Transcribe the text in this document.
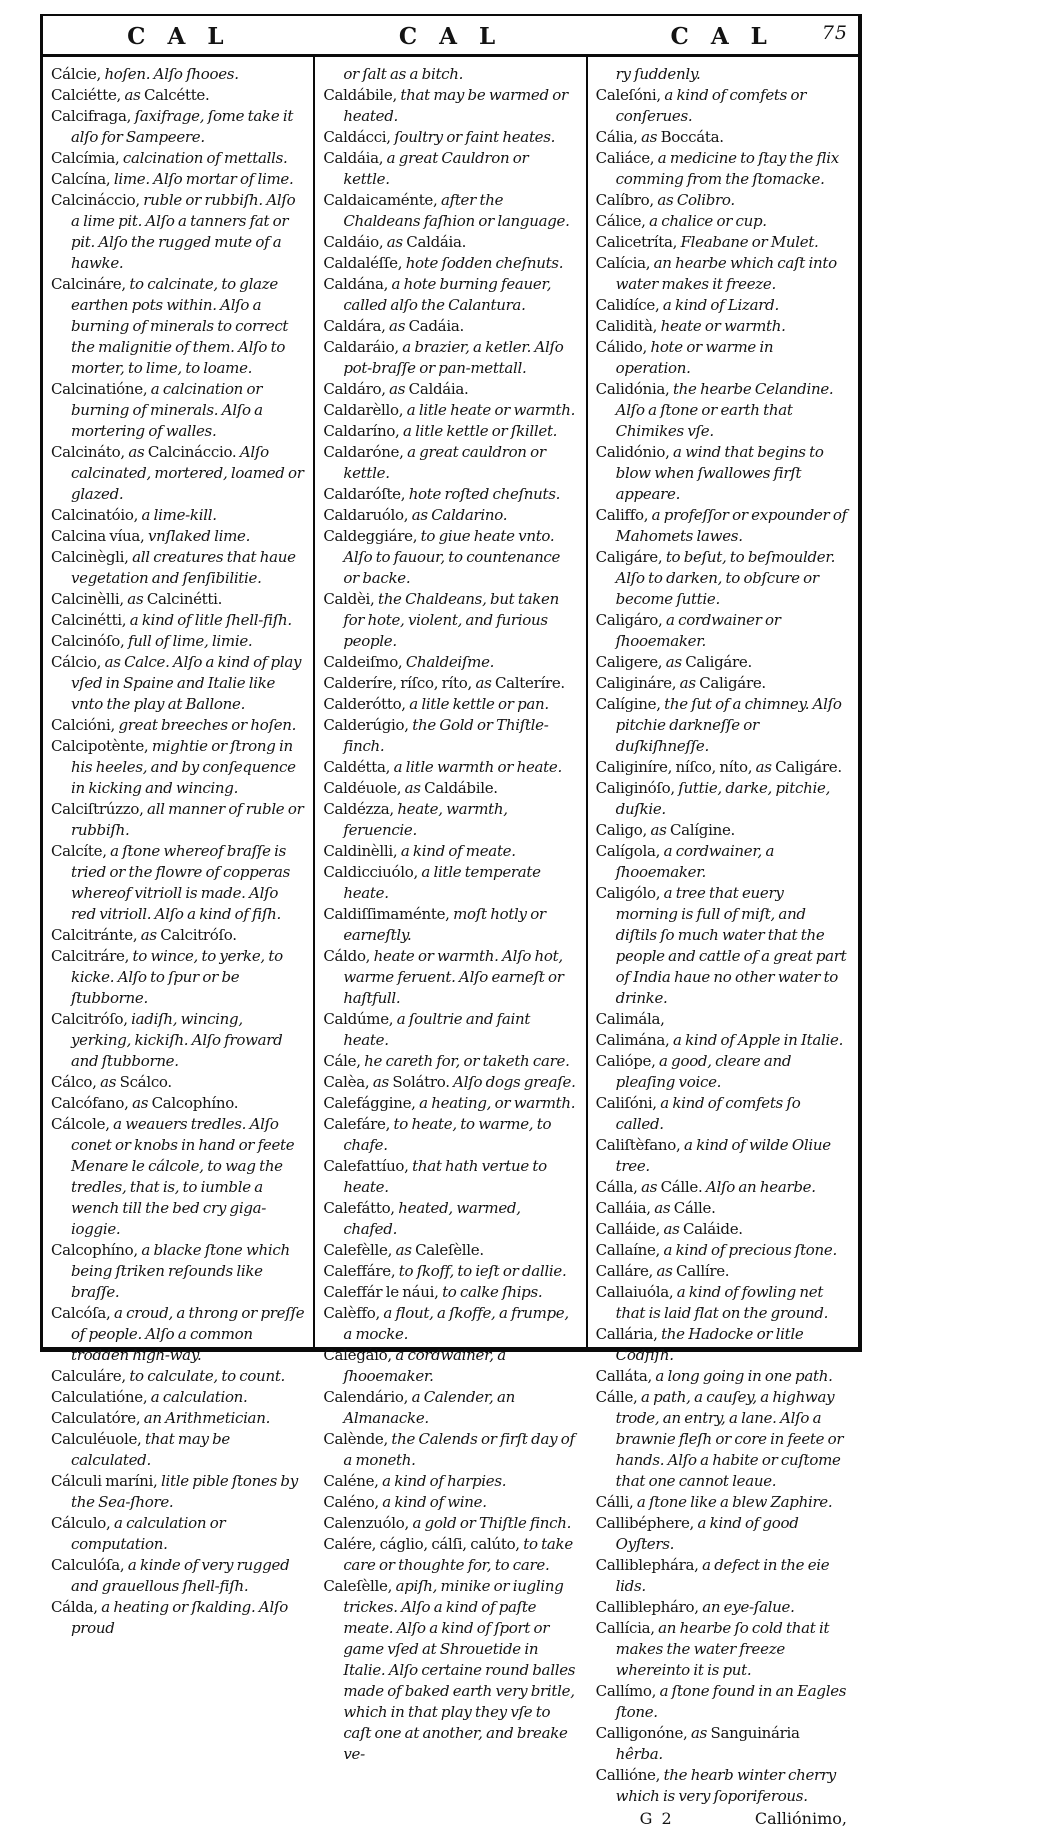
C A L	C A L	C A L	75

Cálcie, hoſen. Alſo ſhooes.

Calciétte, as Calcétte.

Calcifraga, ſaxifrage, ſome take it alſo for Sampeere.

Calcímia, calcination of mettalls.

Calcína, lime. Alſo mortar of lime.

Calcináccio, ruble or rubbiſh. Alſo a lime pit. Alſo a tanners fat or pit. Alſo the rugged mute of a hawke.

Calcináre, to calcinate, to glaze earthen pots within. Alſo a burning of minerals to correct the malignitie of them. Alſo to morter, to lime, to loame.

Calcinatióne, a calcination or burning of minerals. Alſo a mortering of walles.

Calcináto, as Calcináccio. Alſo calcinated, mortered, loamed or glazed.

Calcinatóio, a lime-kill.

Calcina víua, vnſlaked lime.

Calcinègli, all creatures that haue vegetation and ſenſibilitie.

Calcinèlli, as Calcinétti.

Calcinétti, a kind of litle ſhell-fiſh.

Calcinóſo, full of lime, limie.

Cálcio, as Calce. Alſo a kind of play vſed in Spaine and Italie like vnto the play at Ballone.

Calcióni, great breeches or hoſen.

Calcipotènte, mightie or ſtrong in his heeles, and by conſequence in kicking and wincing.

Calciſtrúzzo, all manner of ruble or rubbiſh.

Calcíte, a ſtone whereof braſſe is tried or the flowre of copperas whereof vitrioll is made. Alſo red vitrioll. Alſo a kind of fiſh.

Calcitránte, as Calcitróſo.

Calcitráre, to wince, to yerke, to kicke. Alſo to ſpur or be ſtubborne.

Calcitróſo, iadiſh, wincing, yerking, kickiſh. Alſo froward and ſtubborne.

Cálco, as Scálco.

Calcófano, as Calcophíno.

Cálcole, a weauers tredles. Alſo conet or knobs in hand or feete Menare le cálcole, to wag the tredles, that is, to iumble a wench till the bed cry giga-ioggie.

Calcophíno, a blacke ſtone which being ſtriken reſounds like braſſe.

Calcóſa, a croud, a throng or preſſe of people. Alſo a common trodden high-way.

Calculáre, to calculate, to count.

Calculatióne, a calculation.

Calculatóre, an Arithmetician.

Calculéuole, that may be calculated.

Cálculi maríni, litle pible ſtones by the Sea-ſhore.

Cálculo, a calculation or computation.

Calculóſa, a kinde of very rugged and grauellous ſhell-fiſh.

Cálda, a heating or ſkalding. Alſo proud

or ſalt as a bitch.

Caldábile, that may be warmed or heated.

Caldácci, ſoultry or faint heates.

Caldáia, a great Cauldron or kettle.

Caldaicaménte, after the Chaldeans faſhion or language.

Caldáio, as Caldáia.

Caldaléſſe, hote ſodden cheſnuts.

Caldána, a hote burning feauer, called alſo the Calantura.

Caldára, as Cadáia.

Caldaráio, a brazier, a ketler. Alſo pot-braſſe or pan-mettall.

Caldáro, as Caldáia.

Caldarèllo, a litle heate or warmth.

Caldaríno, a litle kettle or ſkillet.

Caldaróne, a great cauldron or kettle.

Caldaróſte, hote roſted cheſnuts.

Caldaruólo, as Caldarino.

Caldeggiáre, to giue heate vnto. Alſo to fauour, to countenance or backe.

Caldèi, the Chaldeans, but taken for hote, violent, and furious people.

Caldeiſmo, Chaldeiſme.

Calderíre, ríſco, ríto, as Calteríre.

Calderótto, a litle kettle or pan.

Calderúgio, the Gold or Thiſtle-finch.

Caldétta, a litle warmth or heate.

Caldéuole, as Caldábile.

Caldézza, heate, warmth, feruencie.

Caldinèlli, a kind of meate.

Caldicciuólo, a litle temperate heate.

Caldiſſimaménte, moſt hotly or earneſtly.

Cáldo, heate or warmth. Alſo hot, warme feruent. Alſo earneſt or haſtfull.

Caldúme, a ſoultrie and faint heate.

Cále, he careth for, or taketh care.

Calèa, as Solátro. Alſo dogs greaſe.

Calefággine, a heating, or warmth.

Calefáre, to heate, to warme, to chafe.

Calefattíuo, that hath vertue to heate.

Calefátto, heated, warmed, chafed.

Calefèlle, as Caleſèlle.

Caleffáre, to ſkoff, to ieſt or dallie.

Caleffár le náui, to calke ſhips.

Calèffo, a flout, a ſkoffe, a frumpe, a mocke.

Calegáio, a cordwainer, a ſhooemaker.

Calendário, a Calender, an Almanacke.

Calènde, the Calends or firſt day of a moneth.

Caléne, a kind of harpies.

Caléno, a kind of wine.

Calenzuólo, a gold or Thiſtle finch.

Calére, cáglio, cálſi, calúto, to take care or thoughte for, to care.

Caleſèlle, apiſh, minike or iugling trickes. Alſo a kind of paſte meate. Alſo a kind of ſport or game vſed at Shrouetide in Italie. Alſo certaine round balles made of baked earth very britle, which in that play they vſe to caſt one at another, and breake ve-

ry ſuddenly.

Caleſóni, a kind of comfets or conſerues.

Cália, as Boccáta.

Caliáce, a medicine to ſtay the flix comming from the ſtomacke.

Calíbro, as Colibro.

Cálice, a chalice or cup.

Calicetríta, Fleabane or Mulet.

Calícia, an hearbe which caſt into water makes it freeze.

Calidíce, a kind of Lizard.

Calidità, heate or warmth.

Cálido, hote or warme in operation.

Calidónia, the hearbe Celandine. Alſo a ſtone or earth that Chimikes vſe.

Calidónio, a wind that begins to blow when ſwallowes firſt appeare.

Califfo, a profeſſor or expounder of Mahomets lawes.

Caligáre, to beſut, to beſmoulder. Alſo to darken, to obſcure or become ſuttie.

Caligáro, a cordwainer or ſhooemaker.

Caligere, as Caligáre.

Caligináre, as Caligáre.

Calígine, the ſut of a chimney. Alſo pitchie darkneſſe or duſkiſhneſſe.

Caliginíre, níſco, níto, as Caligáre.

Caliginóſo, ſuttie, darke, pitchie, duſkie.

Caligo, as Calígine.

Calígola, a cordwainer, a ſhooemaker.

Caligólo, a tree that euery morning is full of miſt, and diſtils ſo much water that the people and cattle of a great part of India haue no other water to drinke.

Calimála,

Calimána, a kind of Apple in Italie.

Caliópe, a good, cleare and pleaſing voice.

Caliſóni, a kind of comfets ſo called.

Caliſtèfano, a kind of wilde Oliue tree.

Cálla, as Cálle. Alſo an hearbe.

Calláia, as Cálle.

Calláide, as Caláide.

Callaíne, a kind of precious ſtone.

Calláre, as Callíre.

Callaiuóla, a kind of fowling net that is laid flat on the ground.

Callária, the Hadocke or litle Codfiſh.

Calláta, a long going in one path.

Cálle, a path, a cauſey, a highway trode, an entry, a lane. Alſo a brawnie fleſh or core in feete or hands. Alſo a habite or cuſtome that one cannot leaue.

Cálli, a ſtone like a blew Zaphire.

Callibéphere, a kind of good Oyſters.

Calliblephára, a defect in the eie lids.

Calliblepháro, an eye-ſalue.

Callícia, an hearbe ſo cold that it makes the water freeze whereinto it is put.

Callímo, a ſtone found in an Eagles ſtone.

Calligonóne, as Sanguinária hêrba.

Callióne, the hearb winter cherry which is very ſoporiferous.

G 2	Calliónimo,
